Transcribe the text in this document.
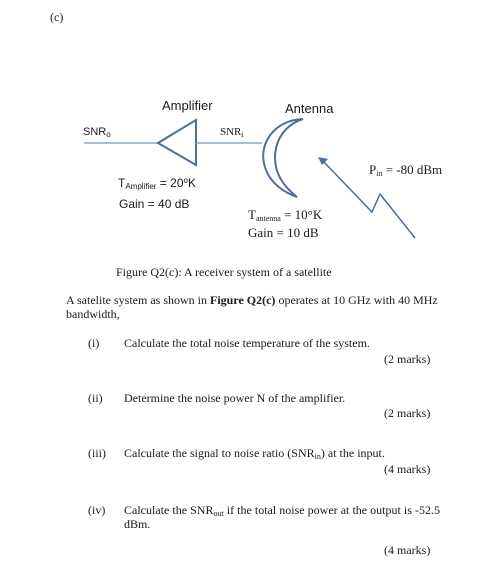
(c)
Amplifier	Antenna
$SNR_o$	$SNR_i$
$P_{in} = -80$ dBm
$T_{Amplifier} = 20^oK$
Gain = 40 dB
$T_{antenna} = 10^\circ K$
Gain = 10 dB
Figure Q2(c): A receiver system of a satellite
A satelite system as shown in Figure Q2(c) operates at 10 GHz with 40 MHz bandwidth,
(i) Calculate the total noise temperature of the system.
(2 marks)
(ii) Determine the noise power N of the amplifier.
(2 marks)
(iii) Calculate the signal to noise ratio $(SNR_{in})$ at the input.
(4 marks)
(iv) Calculate the $SNR_{out}$ if the total noise power at the output is -52.5 dBm.
(4 marks)
